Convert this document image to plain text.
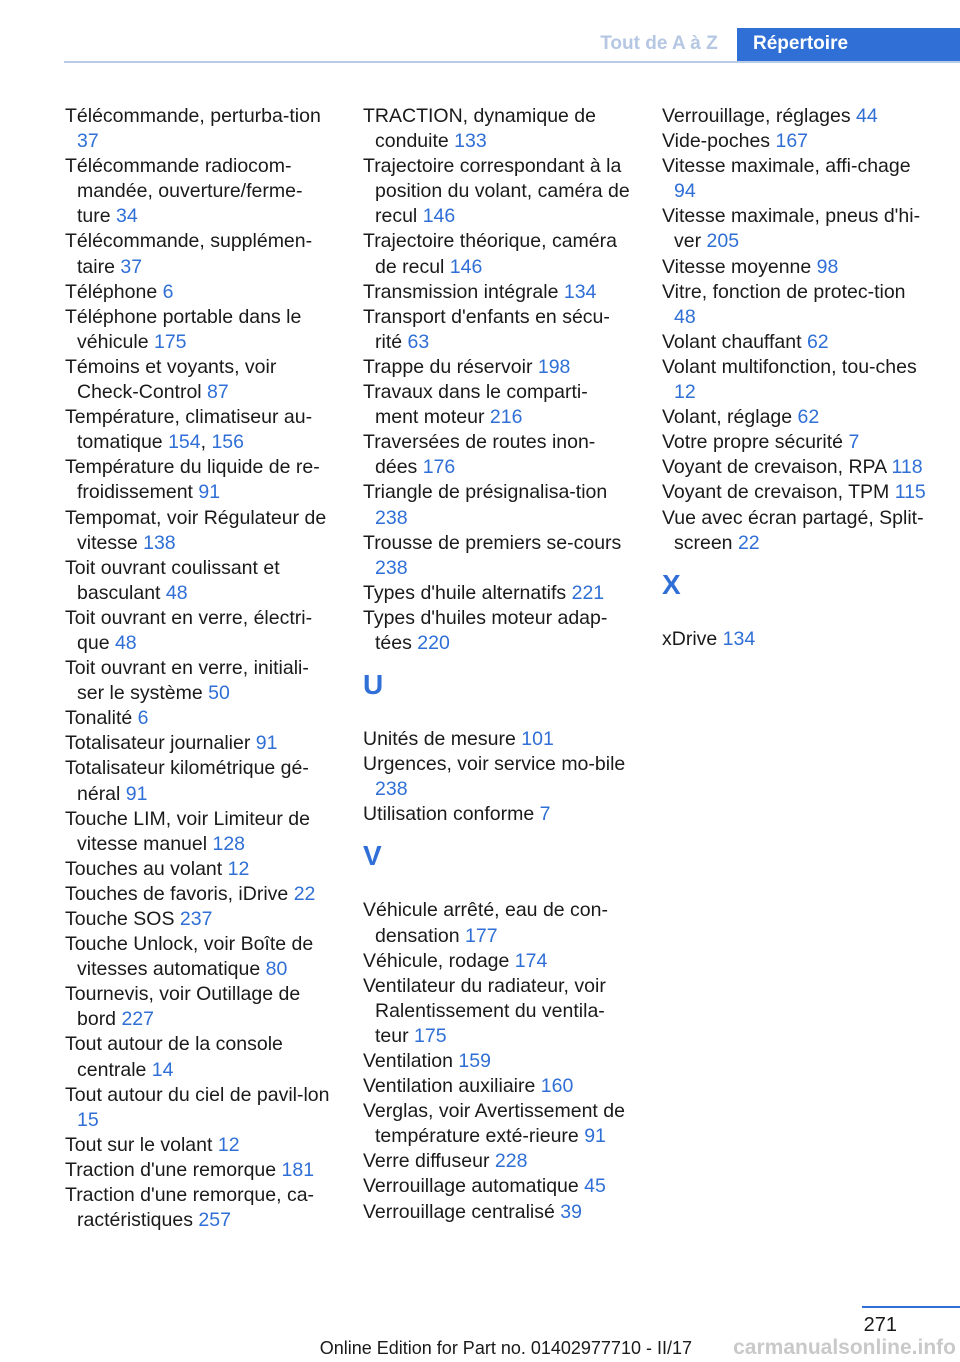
Tout de A à Z	Répertoire

Télécommande, perturba-tion 37

Télécommande radiocom-mandée, ouverture/ferme-ture 34

Télécommande, supplémen-taire 37

Téléphone 6

Téléphone portable dans le véhicule 175

Témoins et voyants, voir Check-Control 87

Température, climatiseur au-tomatique 154, 156

Température du liquide de re-froidissement 91

Tempomat, voir Régulateur de vitesse 138

Toit ouvrant coulissant et basculant 48

Toit ouvrant en verre, électri-que 48

Toit ouvrant en verre, initiali-ser le système 50

Tonalité 6

Totalisateur journalier 91

Totalisateur kilométrique gé-néral 91

Touche LIM, voir Limiteur de vitesse manuel 128

Touches au volant 12

Touches de favoris, iDrive 22

Touche SOS 237

Touche Unlock, voir Boîte de vitesses automatique 80

Tournevis, voir Outillage de bord 227

Tout autour de la console centrale 14

Tout autour du ciel de pavil-lon 15

Tout sur le volant 12

Traction d'une remorque 181

Traction d'une remorque, ca-ractéristiques 257

TRACTION, dynamique de conduite 133

Trajectoire correspondant à la position du volant, caméra de recul 146

Trajectoire théorique, caméra de recul 146

Transmission intégrale 134

Transport d'enfants en sécu-rité 63

Trappe du réservoir 198

Travaux dans le comparti-ment moteur 216

Traversées de routes inon-dées 176

Triangle de présignalisa-tion 238

Trousse de premiers se-cours 238

Types d'huile alternatifs 221

Types d'huiles moteur adap-tées 220

U

Unités de mesure 101

Urgences, voir service mo-bile 238

Utilisation conforme 7

V

Véhicule arrêté, eau de con-densation 177

Véhicule, rodage 174

Ventilateur du radiateur, voir Ralentissement du ventila-teur 175

Ventilation 159

Ventilation auxiliaire 160

Verglas, voir Avertissement de température exté-rieure 91

Verre diffuseur 228

Verrouillage automatique 45

Verrouillage centralisé 39

Verrouillage, réglages 44

Vide-poches 167

Vitesse maximale, affi-chage 94

Vitesse maximale, pneus d'hi-ver 205

Vitesse moyenne 98

Vitre, fonction de protec-tion 48

Volant chauffant 62

Volant multifonction, tou-ches 12

Volant, réglage 62

Votre propre sécurité 7

Voyant de crevaison, RPA 118

Voyant de crevaison, TPM 115

Vue avec écran partagé, Split-screen 22

X

xDrive 134

271
Online Edition for Part no. 01402977710 - II/17 carmanualsonline.info
